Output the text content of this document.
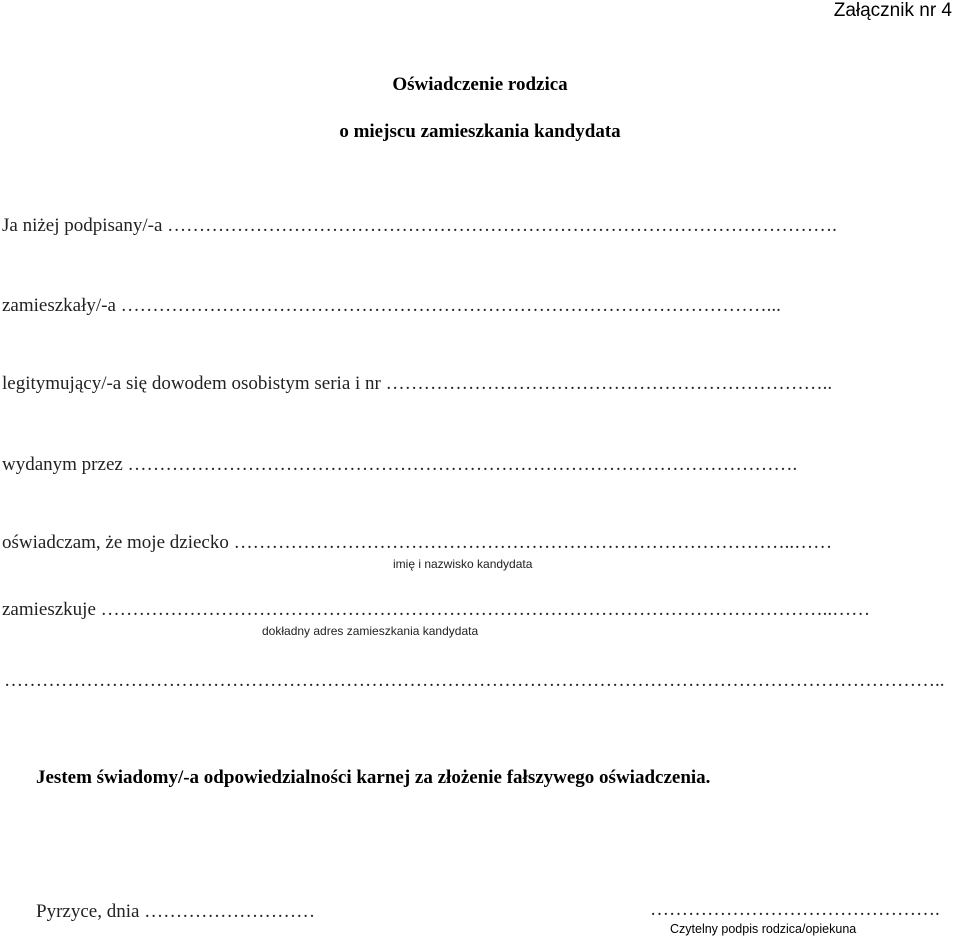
Załącznik nr 4
Oświadczenie rodzica
o miejscu zamieszkania kandydata
Ja niżej podpisany/-a …………………………………………………………………………………………….
zamieszkały/-a …………………………………………………………………………………………...
legitymujący/-a się dowodem osobistym seria i nr ……………………………………………………………..
wydanym przez …………………………………………………………………………………………….
oświadczam, że moje dziecko ……………………………………………………………………………..……
imię i nazwisko kandydata
zamieszkuje ……………………………………………………………………………………………………..……
dokładny adres zamieszkania kandydata
…………………………………………………………………………………………………………………………………..
Jestem świadomy/-a odpowiedzialności karnej za złożenie fałszywego oświadczenia.
Pyrzyce, dnia ………………………	……………………………………….
Czytelny podpis rodzica/opiekuna
